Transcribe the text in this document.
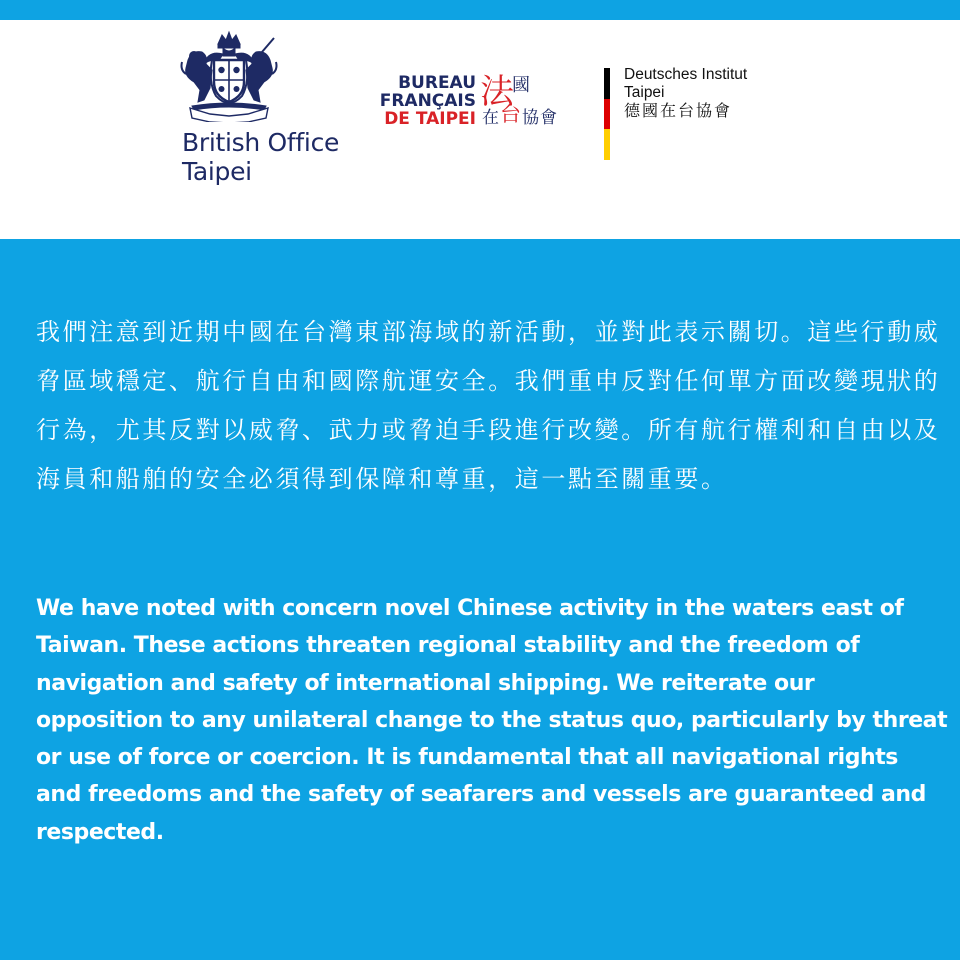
British Office
Taipei
BUREAU
FRANÇAIS
DE TAIPEI
法
國
在 台 協 會
Deutsches Institut
Taipei
德國在台協會

我們注意到近期中國在台灣東部海域的新活動，並對此表示關切。這些行動威脅區域穩定、航行自由和國際航運安全。我們重申反對任何單方面改變現狀的行為，尤其反對以威脅、武力或脅迫手段進行改變。所有航行權利和自由以及海員和船舶的安全必須得到保障和尊重，這一點至關重要。

We have noted with concern novel Chinese activity in the waters east of Taiwan. These actions threaten regional stability and the freedom of navigation and safety of international shipping. We reiterate our opposition to any unilateral change to the status quo, particularly by threat or use of force or coercion. It is fundamental that all navigational rights and freedoms and the safety of seafarers and vessels are guaranteed and respected.
